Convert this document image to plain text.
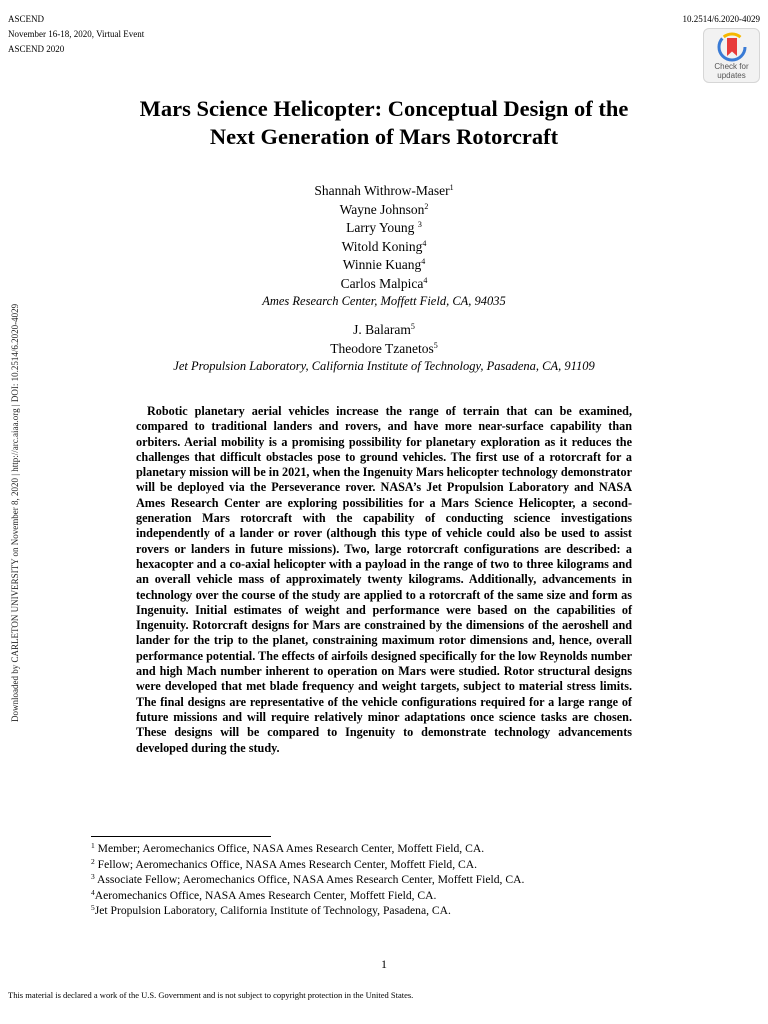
ASCEND
November 16-18, 2020, Virtual Event
ASCEND 2020
10.2514/6.2020-4029
Check for
updates
Mars Science Helicopter: Conceptual Design of the
Next Generation of Mars Rotorcraft
Shannah Withrow-Maser$^1$
Wayne Johnson$^2$
Larry Young $^3$
Witold Koning$^4$
Winnie Kuang$^4$
Carlos Malpica$^4$
Ames Research Center, Moffett Field, CA, 94035
J. Balaram$^5$
Theodore Tzanetos$^5$
Jet Propulsion Laboratory, California Institute of Technology, Pasadena, CA, 91109
Robotic planetary aerial vehicles increase the range of terrain that can be examined, compared to traditional landers and rovers, and have more near-surface capability than orbiters. Aerial mobility is a promising possibility for planetary exploration as it reduces the challenges that difficult obstacles pose to ground vehicles. The first use of a rotorcraft for a planetary mission will be in 2021, when the Ingenuity Mars helicopter technology demonstrator will be deployed via the Perseverance rover. NASA’s Jet Propulsion Laboratory and NASA Ames Research Center are exploring possibilities for a Mars Science Helicopter, a second-generation Mars rotorcraft with the capability of conducting science investigations independently of a lander or rover (although this type of vehicle could also be used to assist rovers or landers in future missions). Two, large rotorcraft configurations are described: a hexacopter and a co-axial helicopter with a payload in the range of two to three kilograms and an overall vehicle mass of approximately twenty kilograms. Additionally, advancements in technology over the course of the study are applied to a rotorcraft of the same size and form as Ingenuity. Initial estimates of weight and performance were based on the capabilities of Ingenuity. Rotorcraft designs for Mars are constrained by the dimensions of the aeroshell and lander for the trip to the planet, constraining maximum rotor dimensions and, hence, overall performance potential. The effects of airfoils designed specifically for the low Reynolds number and high Mach number inherent to operation on Mars were studied. Rotor structural designs were developed that met blade frequency and weight targets, subject to material stress limits. The final designs are representative of the vehicle configurations required for a large range of future missions and will require relatively minor adaptations once science tasks are chosen. These designs will be compared to Ingenuity to demonstrate technology advancements developed during the study.
Downloaded by CARLETON UNIVERSITY on November 8, 2020 | http://arc.aiaa.org | DOI: 10.2514/6.2020-4029
$^1$ Member; Aeromechanics Office, NASA Ames Research Center, Moffett Field, CA.
$^2$ Fellow; Aeromechanics Office, NASA Ames Research Center, Moffett Field, CA.
$^3$ Associate Fellow; Aeromechanics Office, NASA Ames Research Center, Moffett Field, CA.
$^4$Aeromechanics Office, NASA Ames Research Center, Moffett Field, CA.
$^5$Jet Propulsion Laboratory, California Institute of Technology, Pasadena, CA.
1
This material is declared a work of the U.S. Government and is not subject to copyright protection in the United States.
